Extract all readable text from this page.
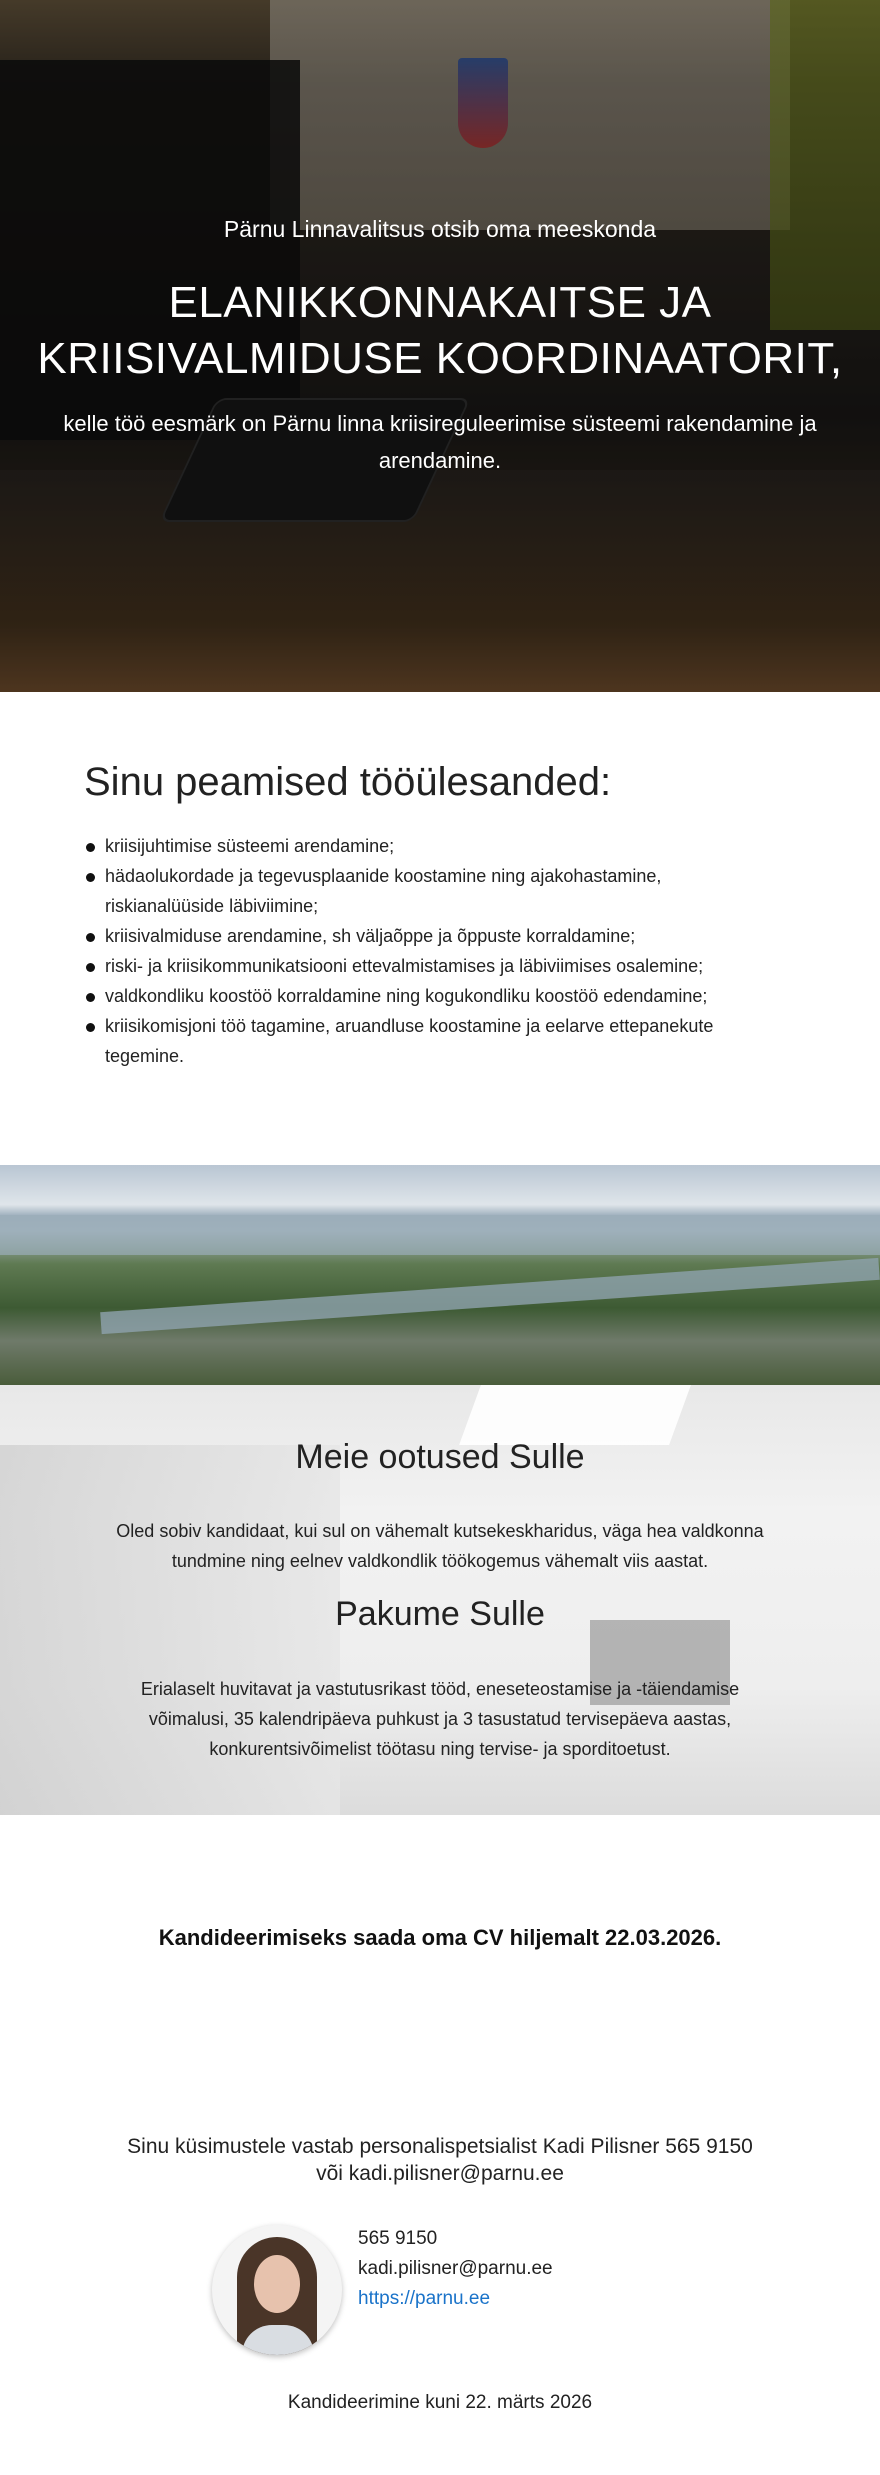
Pärnu Linnavalitsus otsib oma meeskonda
ELANIKKONNAKAITSE JA
KRIISIVALMIDUSE KOORDINAATORIT,
kelle töö eesmärk on Pärnu linna kriisireguleerimise süsteemi rakendamine ja arendamine.
Sinu peamised tööülesanded:
kriisijuhtimise süsteemi arendamine;
hädaolukordade ja tegevusplaanide koostamine ning ajakohastamine, riskianalüüside läbiviimine;
kriisivalmiduse arendamine, sh väljaõppe ja õppuste korraldamine;
riski- ja kriisikommunikatsiooni ettevalmistamises ja läbiviimises osalemine;
valdkondliku koostöö korraldamine ning kogukondliku koostöö edendamine;
kriisikomisjoni töö tagamine, aruandluse koostamine ja eelarve ettepanekute tegemine.
Meie ootused Sulle

Oled sobiv kandidaat, kui sul on vähemalt kutsekeskharidus, väga hea valdkonna tundmine ning eelnev valdkondlik töökogemus vähemalt viis aastat.

Pakume Sulle

Erialaselt huvitavat ja vastutusrikast tööd, eneseteostamise ja -täiendamise võimalusi, 35 kalendripäeva puhkust ja 3 tasustatud tervisepäeva aastas, konkurentsivõimelist töötasu ning tervise- ja sporditoetust.

Kandideerimiseks saada oma CV hiljemalt 22.03.2026.
Sinu küsimustele vastab personalispetsialist Kadi Pilisner 565 9150
või kadi.pilisner@parnu.ee
565 9150
kadi.pilisner@parnu.ee
https://parnu.ee
Kandideerimine kuni 22. märts 2026
